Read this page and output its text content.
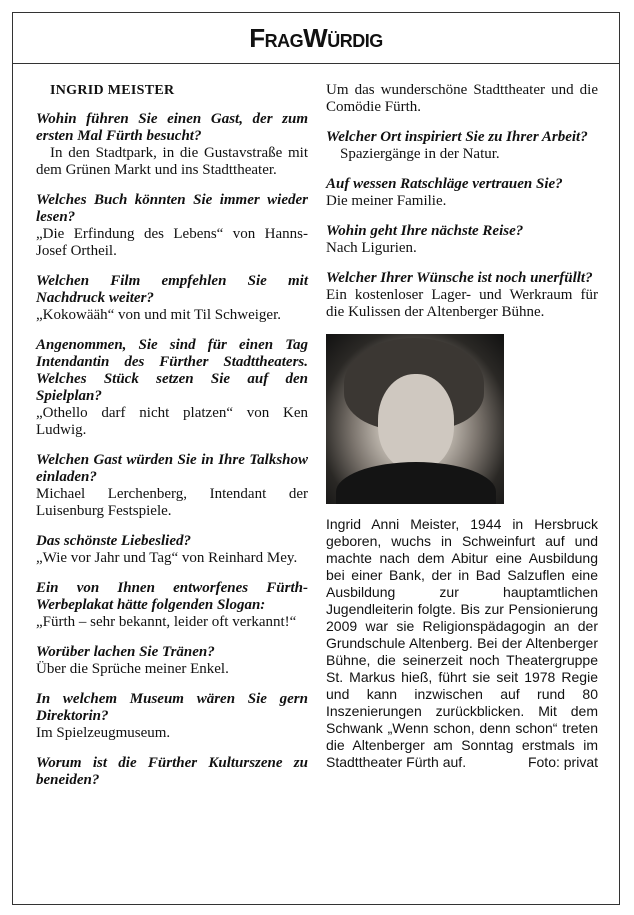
FragWürdig

INGRID MEISTER

Wohin führen Sie einen Gast, der zum ersten Mal Fürth besucht?

In den Stadtpark, in die Gustavstraße mit dem Grünen Markt und ins Stadttheater.

Welches Buch könnten Sie immer wieder lesen?

„Die Erfindung des Lebens“ von Hanns-Josef Ortheil.

Welchen Film empfehlen Sie mit Nachdruck weiter?

„Kokowääh“ von und mit Til Schweiger.

Angenommen, Sie sind für einen Tag Intendantin des Fürther Stadttheaters. Welches Stück setzen Sie auf den Spielplan?

„Othello darf nicht platzen“ von Ken Ludwig.

Welchen Gast würden Sie in Ihre Talkshow einladen?

Michael Lerchenberg, Intendant der Luisenburg Festspiele.

Das schönste Liebeslied?

„Wie vor Jahr und Tag“ von Reinhard Mey.

Ein von Ihnen entworfenes Fürth-Werbeplakat hätte folgenden Slogan:

„Fürth – sehr bekannt, leider oft verkannt!“

Worüber lachen Sie Tränen?

Über die Sprüche meiner Enkel.

In welchem Museum wären Sie gern Direktorin?

Im Spielzeugmuseum.

Worum ist die Fürther Kulturszene zu beneiden?

Um das wunderschöne Stadttheater und die Comödie Fürth.

Welcher Ort inspiriert Sie zu Ihrer Arbeit?

Spaziergänge in der Natur.

Auf wessen Ratschläge vertrauen Sie?

Die meiner Familie.

Wohin geht Ihre nächste Reise?

Nach Ligurien.

Welcher Ihrer Wünsche ist noch unerfüllt?

Ein kostenloser Lager- und Werkraum für die Kulissen der Altenberger Bühne.

Ingrid Anni Meister, 1944 in Hersbruck geboren, wuchs in Schweinfurt auf und machte nach dem Abitur eine Ausbildung bei einer Bank, der in Bad Salzuflen eine Ausbildung zur hauptamtlichen Jugendleiterin folgte. Bis zur Pensionierung 2009 war sie Religionspädagogin an der Grundschule Altenberg. Bei der Altenberger Bühne, die seinerzeit noch Theatergruppe St. Markus hieß, führt sie seit 1978 Regie und kann inzwischen auf rund 80 Inszenierungen zurückblicken. Mit dem Schwank „Wenn schon, denn schon“ treten die Altenberger am Sonntag erstmals im Stadttheater Fürth auf.	Foto: privat
